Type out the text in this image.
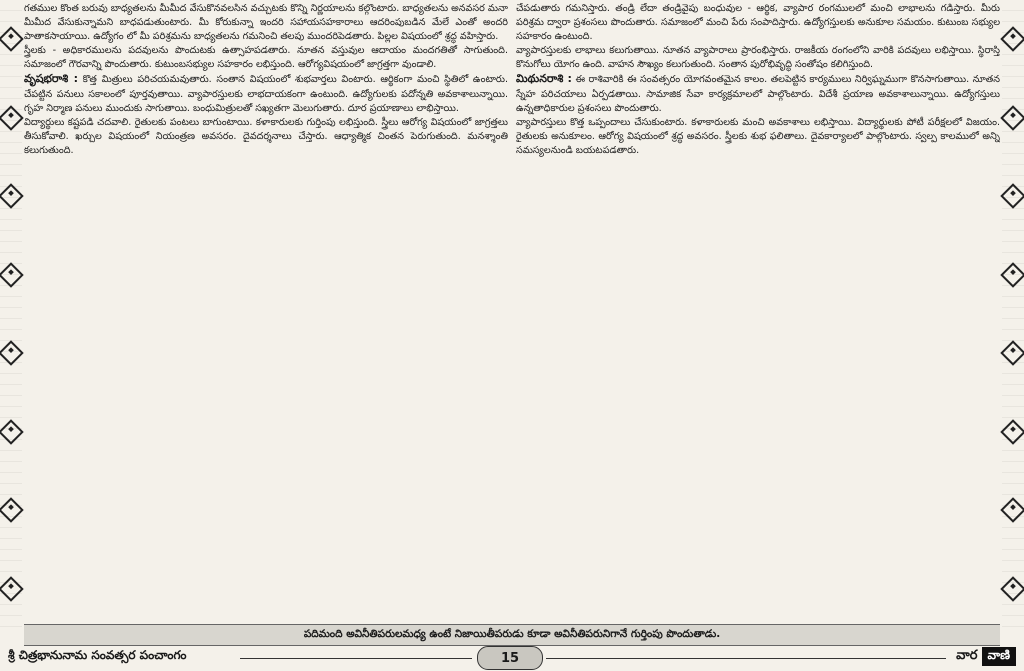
గతముల కొంత బరువు బాధ్యతలను మీమీద వేసుకొనవలసిన వచ్చుటకు కొన్ని నిర్ణయాలను కల్గొంటారు. బాధ్యతలను అనవసర మనా మీమీద వేసుకున్నామని బాధపడుతుంటారు. మీ కోరుకున్నా ఇందరి సహాయసహకారాలు ఆదరింపుబడిన మేలే ఎంతో అందరి పాతాకసాయాయి. ఉద్యోగం లో మీ పరిశ్రమను బాధ్యతలను గమనించి తలపు ముందరిపెడతారు. పిల్లల విషయంలో శ్రద్ధ వహిస్తారు.

స్త్రీలకు - అధికారములను పదవులను పొందుటకు ఉత్సాహపడతారు. నూతన వస్తువుల ఆదాయం మందగతితో సాగుతుంది. సమాజంలో గౌరవాన్ని పొందుతారు. కుటుంబసభ్యుల సహకారం లభిస్తుంది. ఆరోగ్యవిషయంలో జాగ్రత్తగా వుండాలి.

వృషభరాశి : కొత్త మిత్రులు పరిచయమవుతారు. సంతాన విషయంలో శుభవార్తలు వింటారు. ఆర్థికంగా మంచి స్థితిలో ఉంటారు. చేపట్టిన పనులు సకాలంలో పూర్తవుతాయి. వ్యాపారస్తులకు లాభదాయకంగా ఉంటుంది. ఉద్యోగులకు పదోన్నతి అవకాశాలున్నాయి. గృహ నిర్మాణ పనులు ముందుకు సాగుతాయి. బంధుమిత్రులతో సఖ్యతగా మెలుగుతారు. దూర ప్రయాణాలు లాభిస్తాయి.

విద్యార్థులు కష్టపడి చదవాలి. రైతులకు పంటలు బాగుంటాయి. కళాకారులకు గుర్తింపు లభిస్తుంది. స్త్రీలు ఆరోగ్య విషయంలో జాగ్రత్తలు తీసుకోవాలి. ఖర్చుల విషయంలో నియంత్రణ అవసరం. దైవదర్శనాలు చేస్తారు. ఆధ్యాత్మిక చింతన పెరుగుతుంది. మనశ్శాంతి కలుగుతుంది.

చేపడుతారు గమనిస్తారు. తండ్రి లేదా తండ్రివైపు బంధువుల - ఆర్థిక, వ్యాపార రంగములలో మంచి లాభాలను గడిస్తారు. మీరు పరిశ్రమ ద్వారా ప్రశంసలు పొందుతారు. సమాజంలో మంచి పేరు సంపాదిస్తారు. ఉద్యోగస్తులకు అనుకూల సమయం. కుటుంబ సభ్యుల సహకారం ఉంటుంది.

వ్యాపారస్తులకు లాభాలు కలుగుతాయి. నూతన వ్యాపారాలు ప్రారంభిస్తారు. రాజకీయ రంగంలోని వారికి పదవులు లభిస్తాయి. స్థిరాస్తి కొనుగోలు యోగం ఉంది. వాహన సౌఖ్యం కలుగుతుంది. సంతాన పురోభివృద్ధి సంతోషం కలిగిస్తుంది.

మిథునరాశి : ఈ రాశివారికి ఈ సంవత్సరం యోగవంతమైన కాలం. తలపెట్టిన కార్యములు నిర్విఘ్నముగా కొనసాగుతాయి. నూతన స్నేహ పరిచయాలు ఏర్పడతాయి. సామాజిక సేవా కార్యక్రమాలలో పాల్గొంటారు. విదేశీ ప్రయాణ అవకాశాలున్నాయి. ఉద్యోగస్తులు ఉన్నతాధికారుల ప్రశంసలు పొందుతారు.

వ్యాపారస్తులు కొత్త ఒప్పందాలు చేసుకుంటారు. కళాకారులకు మంచి అవకాశాలు లభిస్తాయి. విద్యార్థులకు పోటీ పరీక్షలలో విజయం. రైతులకు అనుకూలం. ఆరోగ్య విషయంలో శ్రద్ధ అవసరం. స్త్రీలకు శుభ ఫలితాలు. దైవకార్యాలలో పాల్గొంటారు. స్వల్ప కాలములో అన్ని సమస్యలనుండి బయటపడతారు.

పదిమంది అవినీతిపరులమధ్య ఉంటే నిజాయితీపరుడు కూడా అవినీతిపరునిగానే గుర్తింపు పొందుతాడు.
శ్రీ చిత్రభానునామ సంవత్సర పంచాంగం	15	వార వాణి
